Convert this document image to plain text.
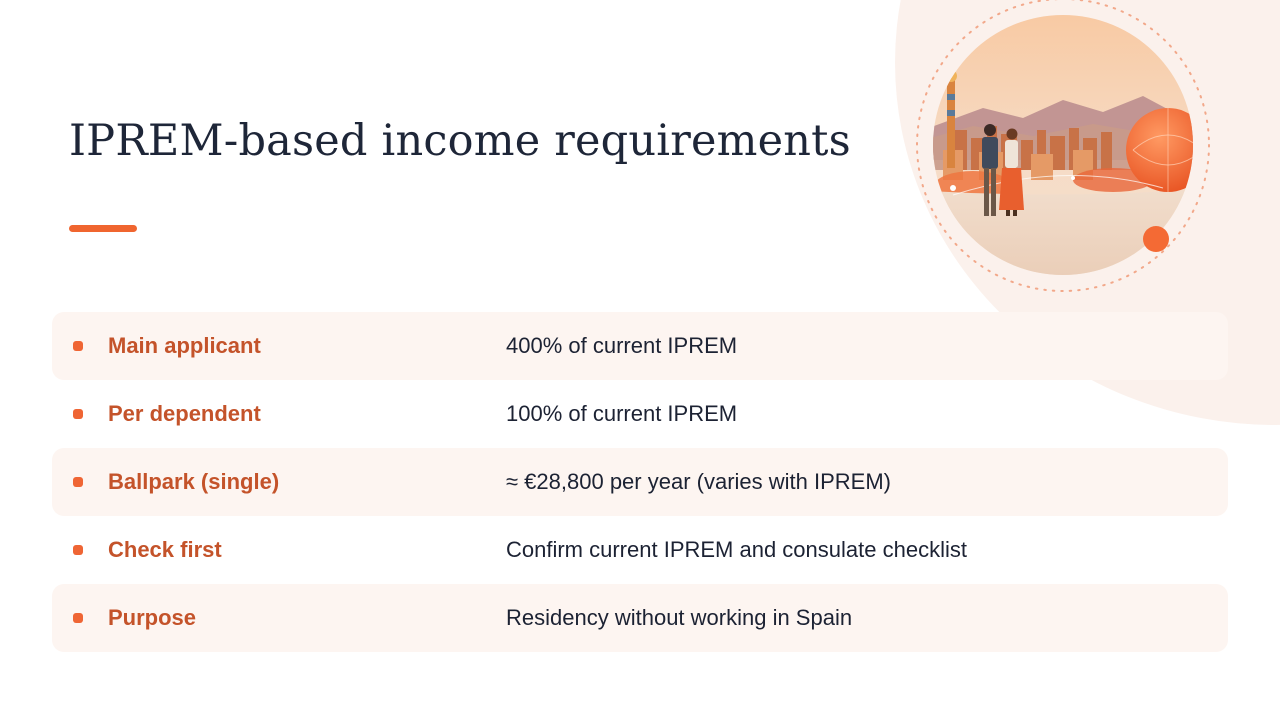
IPREM-based income requirements
Main applicant	400% of current IPREM
Per dependent	100% of current IPREM
Ballpark (single)	≈ €28,800 per year (varies with IPREM)
Check first	Confirm current IPREM and consulate checklist
Purpose	Residency without working in Spain
